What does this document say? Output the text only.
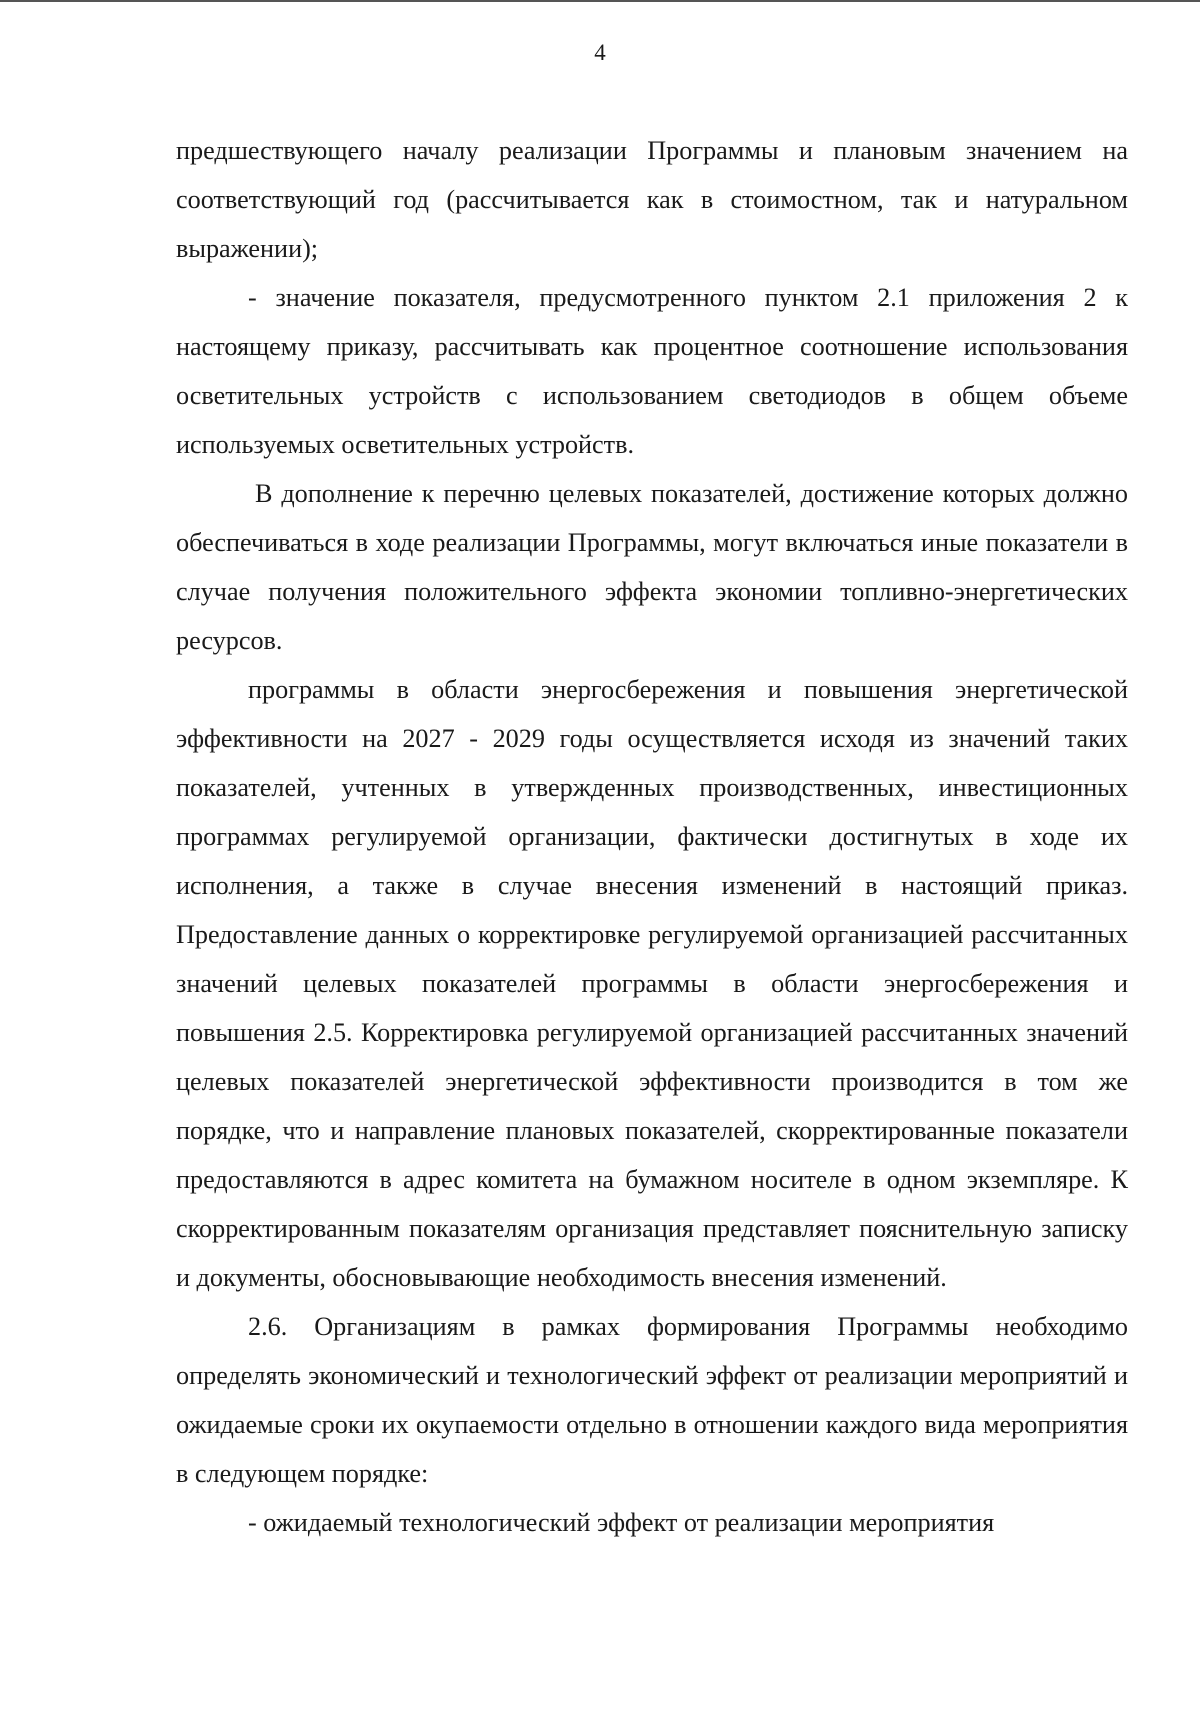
4

предшествующего началу реализации Программы и плановым значением на соответствующий год (рассчитывается как в стоимостном, так и натуральном выражении);

- значение показателя, предусмотренного пунктом 2.1 приложения 2 к настоящему приказу, рассчитывать как процентное соотношение использования осветительных устройств с использованием светодиодов в общем объеме используемых осветительных устройств.

В дополнение к перечню целевых показателей, достижение которых должно обеспечиваться в ходе реализации Программы, могут включаться иные показатели в случае получения положительного эффекта экономии топливно-энергетических ресурсов.

программы в области энергосбережения и повышения энергетической эффективности на 2027 - 2029 годы осуществляется исходя из значений таких показателей, учтенных в утвержденных производственных, инвестиционных программах регулируемой организации, фактически достигнутых в ходе их исполнения, а также в случае внесения изменений в настоящий приказ. Предоставление данных о корректировке регулируемой организацией рассчитанных значений целевых показателей программы в области энергосбережения и повышения 2.5. Корректировка регулируемой организацией рассчитанных значений целевых показателей энергетической эффективности производится в том же порядке, что и направление плановых показателей, скорректированные показатели предоставляются в адрес комитета на бумажном носителе в одном экземпляре. К скорректированным показателям организация представляет пояснительную записку и документы, обосновывающие необходимость внесения изменений.

2.6. Организациям в рамках формирования Программы необходимо определять экономический и технологический эффект от реализации мероприятий и ожидаемые сроки их окупаемости отдельно в отношении каждого вида мероприятия в следующем порядке:

- ожидаемый технологический эффект от реализации мероприятия
